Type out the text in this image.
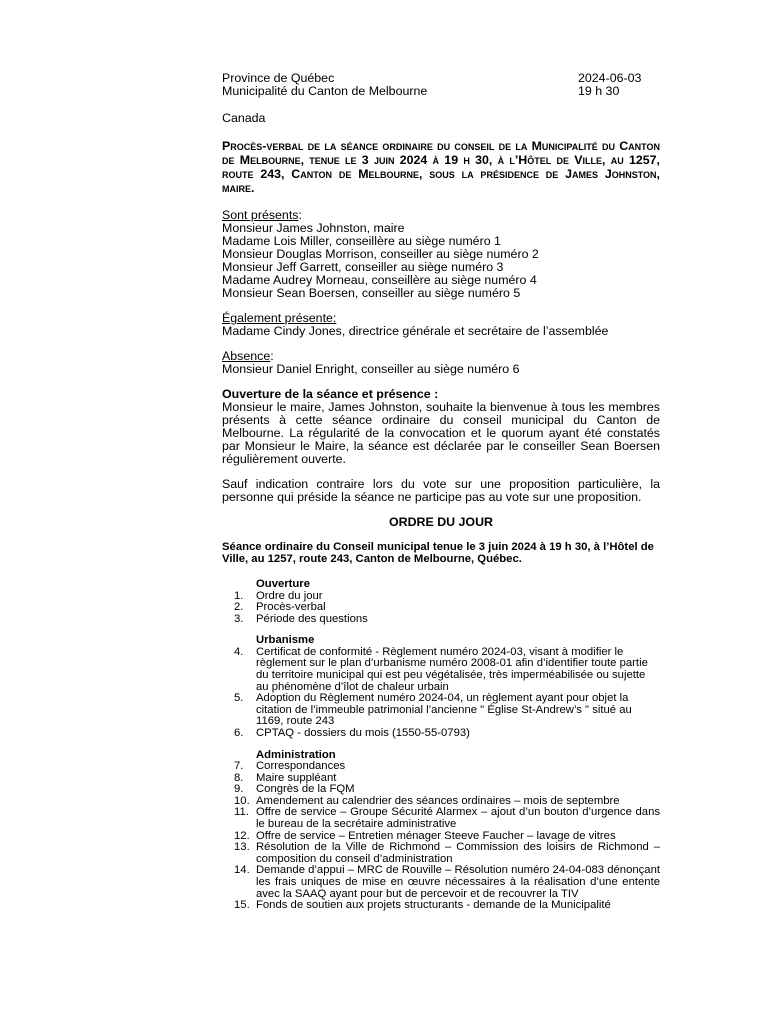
Province de Québec	2024-06-03
Municipalité du Canton de Melbourne	19 h 30
Canada
Procès-verbal de la séance ordinaire du conseil de la Municipalité du Canton de Melbourne, tenue le 3 juin 2024 à 19 h 30, à l’Hôtel de Ville, au 1257, route 243, Canton de Melbourne, sous la présidence de James Johnston, maire.
Sont présents:
Monsieur James Johnston, maire
Madame Lois Miller, conseillère au siège numéro 1
Monsieur Douglas Morrison, conseiller au siège numéro 2
Monsieur Jeff Garrett, conseiller au siège numéro 3
Madame Audrey Morneau, conseillère au siège numéro 4
Monsieur Sean Boersen, conseiller au siège numéro 5
Également présente:
Madame Cindy Jones, directrice générale et secrétaire de l’assemblée
Absence:
Monsieur Daniel Enright, conseiller au siège numéro 6
Ouverture de la séance et présence :
Monsieur le maire, James Johnston, souhaite la bienvenue à tous les membres présents à cette séance ordinaire du conseil municipal du Canton de Melbourne. La régularité de la convocation et le quorum ayant été constatés par Monsieur le Maire, la séance est déclarée par le conseiller Sean Boersen régulièrement ouverte.
Sauf indication contraire lors du vote sur une proposition particulière, la personne qui préside la séance ne participe pas au vote sur une proposition.
ORDRE DU JOUR
Séance ordinaire du Conseil municipal tenue le 3 juin 2024 à 19 h 30, à l’Hôtel de Ville, au 1257, route 243, Canton de Melbourne, Québec.
Ouverture
1.	Ordre du jour
2.	Procès-verbal
3.	Période des questions
Urbanisme
4.	Certificat de conformité - Règlement numéro 2024-03, visant à modifier le règlement sur le plan d’urbanisme numéro 2008-01 afin d’identifier toute partie du territoire municipal qui est peu végétalisée, très imperméabilisée ou sujette au phénomène d’îlot de chaleur urbain
5.	Adoption du Règlement numéro 2024-04, un règlement ayant pour objet la citation de l’immeuble patrimonial l’ancienne " Église St-Andrew’s " situé au 1169, route 243
6.	CPTAQ - dossiers du mois (1550-55-0793)
Administration
7.	Correspondances
8.	Maire suppléant
9.	Congrès de la FQM
10. Amendement au calendrier des séances ordinaires – mois de septembre
11. Offre de service – Groupe Sécurité Alarmex – ajout d’un bouton d’urgence dans le bureau de la secrétaire administrative
12. Offre de service – Entretien ménager Steeve Faucher – lavage de vitres
13. Résolution de la Ville de Richmond – Commission des loisirs de Richmond – composition du conseil d’administration
14. Demande d’appui – MRC de Rouville – Résolution numéro 24-04-083 dénonçant les frais uniques de mise en œuvre nécessaires à la réalisation d’une entente avec la SAAQ ayant pour but de percevoir et de recouvrer la TIV
15. Fonds de soutien aux projets structurants - demande de la Municipalité
